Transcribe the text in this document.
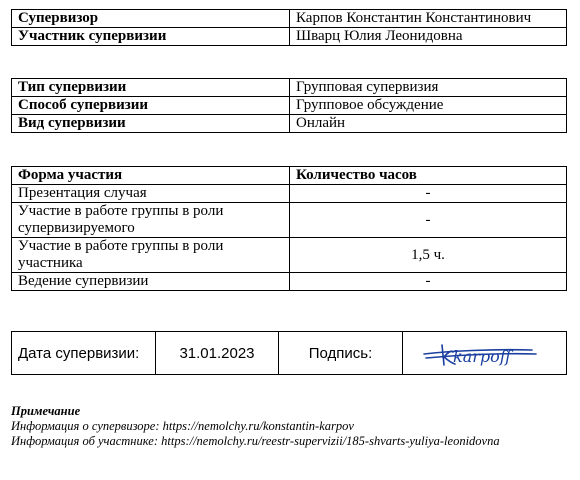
Супервизор	Карпов Константин Константинович
Участник супервизии	Шварц Юлия Леонидовна
Тип супервизии	Групповая супервизия
Способ супервизии	Групповое обсуждение
Вид супервизии	Онлайн
Форма участия	Количество часов
Презентация случая	-
Участие в работе группы в роли супервизируемого	-
Участие в работе группы в роли участника	1,5 ч.
Ведение супервизии	-
Дата супервизии:	31.01.2023	Подпись:		karpoff
Примечание
Информация о супервизоре: https://nemolchy.ru/konstantin-karpov
Информация об участнике: https://nemolchy.ru/reestr-supervizii/185-shvarts-yuliya-leonidovna
